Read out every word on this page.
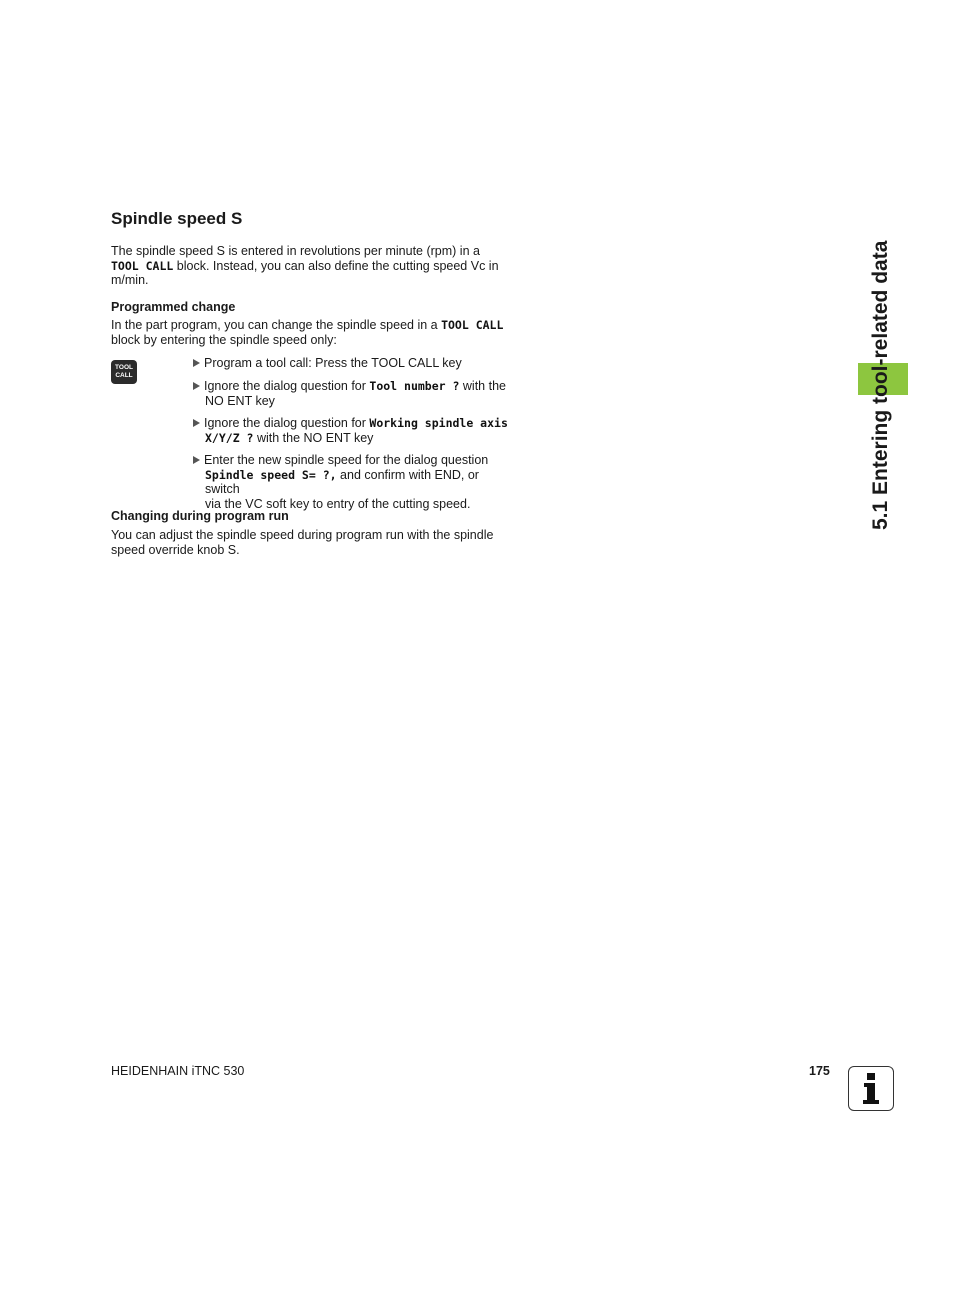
Spindle speed S
The spindle speed S is entered in revolutions per minute (rpm) in a
TOOL CALL block. Instead, you can also define the cutting speed Vc in
m/min.
Programmed change
In the part program, you can change the spindle speed in a TOOL CALL
block by entering the spindle speed only:
TOOL
CALL
Program a tool call: Press the TOOL CALL key
Ignore the dialog question for Tool number ? with the
NO ENT key
Ignore the dialog question for Working spindle axis
X/Y/Z ? with the NO ENT key
Enter the new spindle speed for the dialog question
Spindle speed S= ?, and confirm with END, or switch
via the VC soft key to entry of the cutting speed.
Changing during program run
You can adjust the spindle speed during program run with the spindle
speed override knob S.
5.1 Entering tool-related data
HEIDENHAIN iTNC 530	175
